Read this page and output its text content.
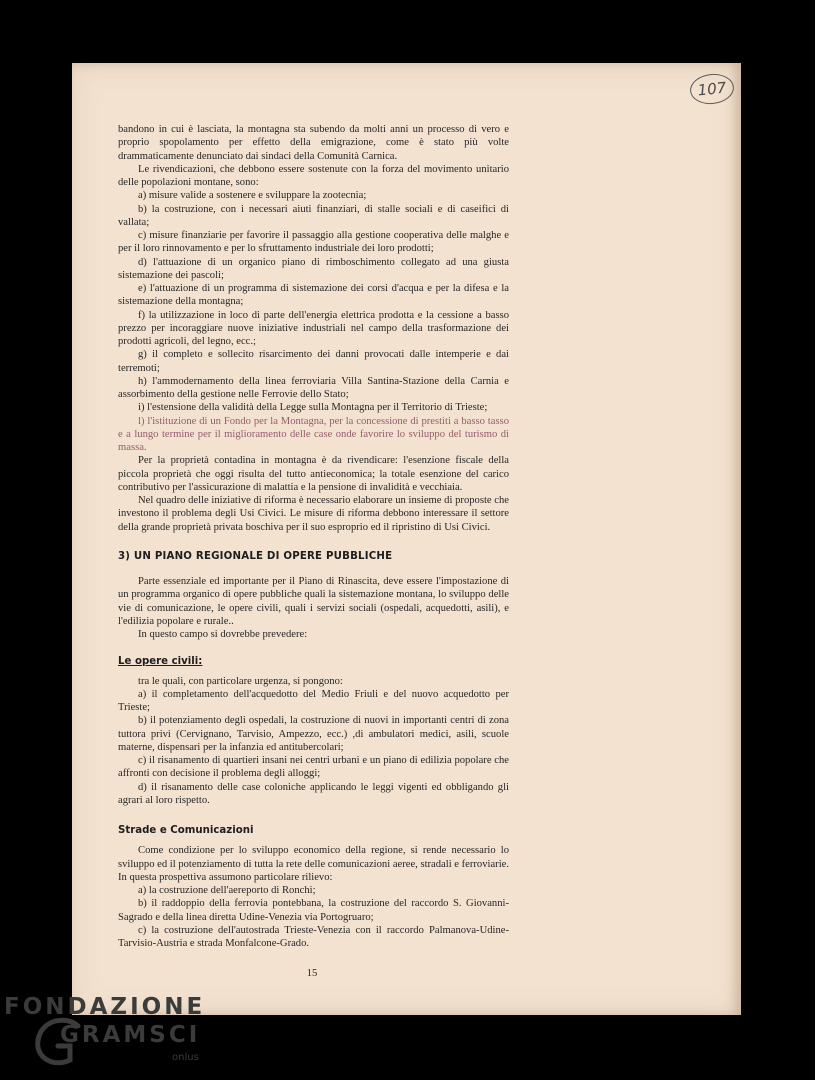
107

bandono in cui è lasciata, la montagna sta subendo da molti anni un processo di vero e proprio spopolamento per effetto della emigrazione, come è stato più volte drammaticamente denunciato dai sindaci della Comunità Carnica.

Le rivendicazioni, che debbono essere sostenute con la forza del movimento unitario delle popolazioni montane, sono:

a) misure valide a sostenere e sviluppare la zootecnia;

b) la costruzione, con i necessari aiuti finanziari, di stalle sociali e di caseifici di vallata;

c) misure finanziarie per favorire il passaggio alla gestione cooperativa delle malghe e per il loro rinnovamento e per lo sfruttamento industriale dei loro prodotti;

d) l'attuazione di un organico piano di rimboschimento collegato ad una giusta sistemazione dei pascoli;

e) l'attuazione di un programma di sistemazione dei corsi d'acqua e per la difesa e la sistemazione della montagna;

f) la utilizzazione in loco di parte dell'energia elettrica prodotta e la cessione a basso prezzo per incoraggiare nuove iniziative industriali nel campo della trasformazione dei prodotti agricoli, del legno, ecc.;

g) il completo e sollecito risarcimento dei danni provocati dalle intemperie e dai terremoti;

h) l'ammodernamento della linea ferroviaria Villa Santina-Stazione della Carnia e assorbimento della gestione nelle Ferrovie dello Stato;

i) l'estensione della validità della Legge sulla Montagna per il Territorio di Trieste;

l) l'istituzione di un Fondo per la Montagna, per la concessione di prestiti a basso tasso e a lungo termine per il miglioramento delle case onde favorire lo sviluppo del turismo di massa.

Per la proprietà contadina in montagna è da rivendicare: l'esenzione fiscale della piccola proprietà che oggi risulta del tutto antieconomica; la totale esenzione del carico contributivo per l'assicurazione di malattia e la pensione di invalidità e vecchiaia.

Nel quadro delle iniziative di riforma è necessario elaborare un insieme di proposte che investono il problema degli Usi Civici. Le misure di riforma debbono interessare il settore della grande proprietà privata boschiva per il suo esproprio ed il ripristino di Usi Civici.

3) UN PIANO REGIONALE DI OPERE PUBBLICHE

Parte essenziale ed importante per il Piano di Rinascita, deve essere l'impostazione di un programma organico di opere pubbliche quali la sistemazione montana, lo sviluppo delle vie di comunicazione, le opere civili, quali i servizi sociali (ospedali, acquedotti, asili), e l'edilizia popolare e rurale..

In questo campo si dovrebbe prevedere:

Le opere civili:

tra le quali, con particolare urgenza, si pongono:

a) il completamento dell'acquedotto del Medio Friuli e del nuovo acquedotto per Trieste;

b) il potenziamento degli ospedali, la costruzione di nuovi in importanti centri di zona tuttora privi (Cervignano, Tarvisio, Ampezzo, ecc.) ,di ambulatori medici, asili, scuole materne, dispensari per la infanzia ed antitubercolari;

c) il risanamento di quartieri insani nei centri urbani e un piano di edilizia popolare che affronti con decisione il problema degli alloggi;

d) il risanamento delle case coloniche applicando le leggi vigenti ed obbligando gli agrari al loro rispetto.

Strade e Comunicazioni

Come condizione per lo sviluppo economico della regione, si rende necessario lo sviluppo ed il potenziamento di tutta la rete delle comunicazioni aeree, stradali e ferroviarie. In questa prospettiva assumono particolare rilievo:

a) la costruzione dell'aereporto di Ronchi;

b) il raddoppio della ferrovia pontebbana, la costruzione del raccordo S. Giovanni-Sagrado e della linea diretta Udine-Venezia via Portogruaro;

c) la costruzione dell'autostrada Trieste-Venezia con il raccordo Palmanova-Udine-Tarvisio-Austria e strada Monfalcone-Grado.

15
FONDAZIONE
GRAMSCI
onlus
